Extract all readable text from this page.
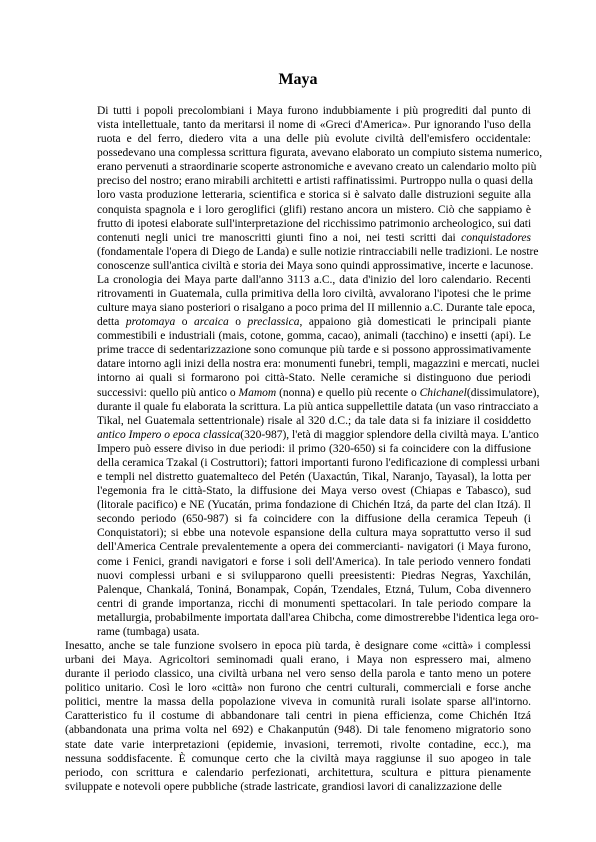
Maya

Di tutti i popoli precolombiani i Maya furono indubbiamente i più progrediti dal punto di
vista intellettuale, tanto da meritarsi il nome di «Greci d'America». Pur ignorando l'uso della
ruota e del ferro, diedero vita a una delle più evolute civiltà dell'emisfero occidentale:
possedevano una complessa scrittura figurata, avevano elaborato un compiuto sistema numerico,
erano pervenuti a straordinarie scoperte astronomiche e avevano creato un calendario molto più
preciso del nostro; erano mirabili architetti e artisti raffinatissimi. Purtroppo nulla o quasi della
loro vasta produzione letteraria, scientifica e storica si è salvato dalle distruzioni seguite alla
conquista spagnola e i loro geroglifici (glifi) restano ancora un mistero. Ciò che sappiamo è
frutto di ipotesi elaborate sull'interpretazione del ricchissimo patrimonio archeologico, sui dati
contenuti negli unici tre manoscritti giunti fino a noi, nei testi scritti dai conquistadores
(fondamentale l'opera di Diego de Landa) e sulle notizie rintracciabili nelle tradizioni. Le nostre
conoscenze sull'antica civiltà e storia dei Maya sono quindi approssimative, incerte e lacunose.
La cronologia dei Maya parte dall'anno 3113 a.C., data d'inizio del loro calendario. Recenti
ritrovamenti in Guatemala, culla primitiva della loro civiltà, avvalorano l'ipotesi che le prime
culture maya siano posteriori o risalgano a poco prima del II millennio a.C. Durante tale epoca,
detta protomaya o arcaica o preclassica, appaiono già domesticati le principali piante
commestibili e industriali (mais, cotone, gomma, cacao), animali (tacchino) e insetti (api). Le
prime tracce di sedentarizzazione sono comunque più tarde e si possono approssimativamente
datare intorno agli inizi della nostra era: monumenti funebri, templi, magazzini e mercati, nuclei
intorno ai quali si formarono poi città-Stato. Nelle ceramiche si distinguono due periodi
successivi: quello più antico o Mamom (nonna) e quello più recente o Chichanel(dissimulatore),
durante il quale fu elaborata la scrittura. La più antica suppellettile datata (un vaso rintracciato a
Tikal, nel Guatemala settentrionale) risale al 320 d.C.; da tale data si fa iniziare il cosiddetto
antico Impero o epoca classica(320-987), l'età di maggior splendore della civiltà maya. L'antico
Impero può essere diviso in due periodi: il primo (320-650) si fa coincidere con la diffusione
della ceramica Tzakal (i Costruttori); fattori importanti furono l'edificazione di complessi urbani
e templi nel distretto guatemalteco del Petén (Uaxactún, Tikal, Naranjo, Tayasal), la lotta per
l'egemonia fra le città-Stato, la diffusione dei Maya verso ovest (Chiapas e Tabasco), sud
(litorale pacifico) e NE (Yucatán, prima fondazione di Chichén Itzá, da parte del clan Itzá). Il
secondo periodo (650-987) si fa coincidere con la diffusione della ceramica Tepeuh (i
Conquistatori); si ebbe una notevole espansione della cultura maya soprattutto verso il sud
dell'America Centrale prevalentemente a opera dei commercianti- navigatori (i Maya furono,
come i Fenici, grandi navigatori e forse i soli dell'America). In tale periodo vennero fondati
nuovi complessi urbani e si svilupparono quelli preesistenti: Piedras Negras, Yaxchilán,
Palenque, Chankalá, Toniná, Bonampak, Copán, Tzendales, Etzná, Tulum, Coba divennero
centri di grande importanza, ricchi di monumenti spettacolari. In tale periodo compare la
metallurgia, probabilmente importata dall'area Chibcha, come dimostrerebbe l'identica lega oro-
rame (tumbaga) usata.

Inesatto, anche se tale funzione svolsero in epoca più tarda, è designare come «città» i complessi
urbani dei Maya. Agricoltori seminomadi quali erano, i Maya non espressero mai, almeno
durante il periodo classico, una civiltà urbana nel vero senso della parola e tanto meno un potere
politico unitario. Così le loro «città» non furono che centri culturali, commerciali e forse anche
politici, mentre la massa della popolazione viveva in comunità rurali isolate sparse all'intorno.
Caratteristico fu il costume di abbandonare tali centri in piena efficienza, come Chichén Itzá
(abbandonata una prima volta nel 692) e Chakanputún (948). Di tale fenomeno migratorio sono
state date varie interpretazioni (epidemie, invasioni, terremoti, rivolte contadine, ecc.), ma
nessuna soddisfacente. È comunque certo che la civiltà maya raggiunse il suo apogeo in tale
periodo, con scrittura e calendario perfezionati, architettura, scultura e pittura pienamente
sviluppate e notevoli opere pubbliche (strade lastricate, grandiosi lavori di canalizzazione delle
